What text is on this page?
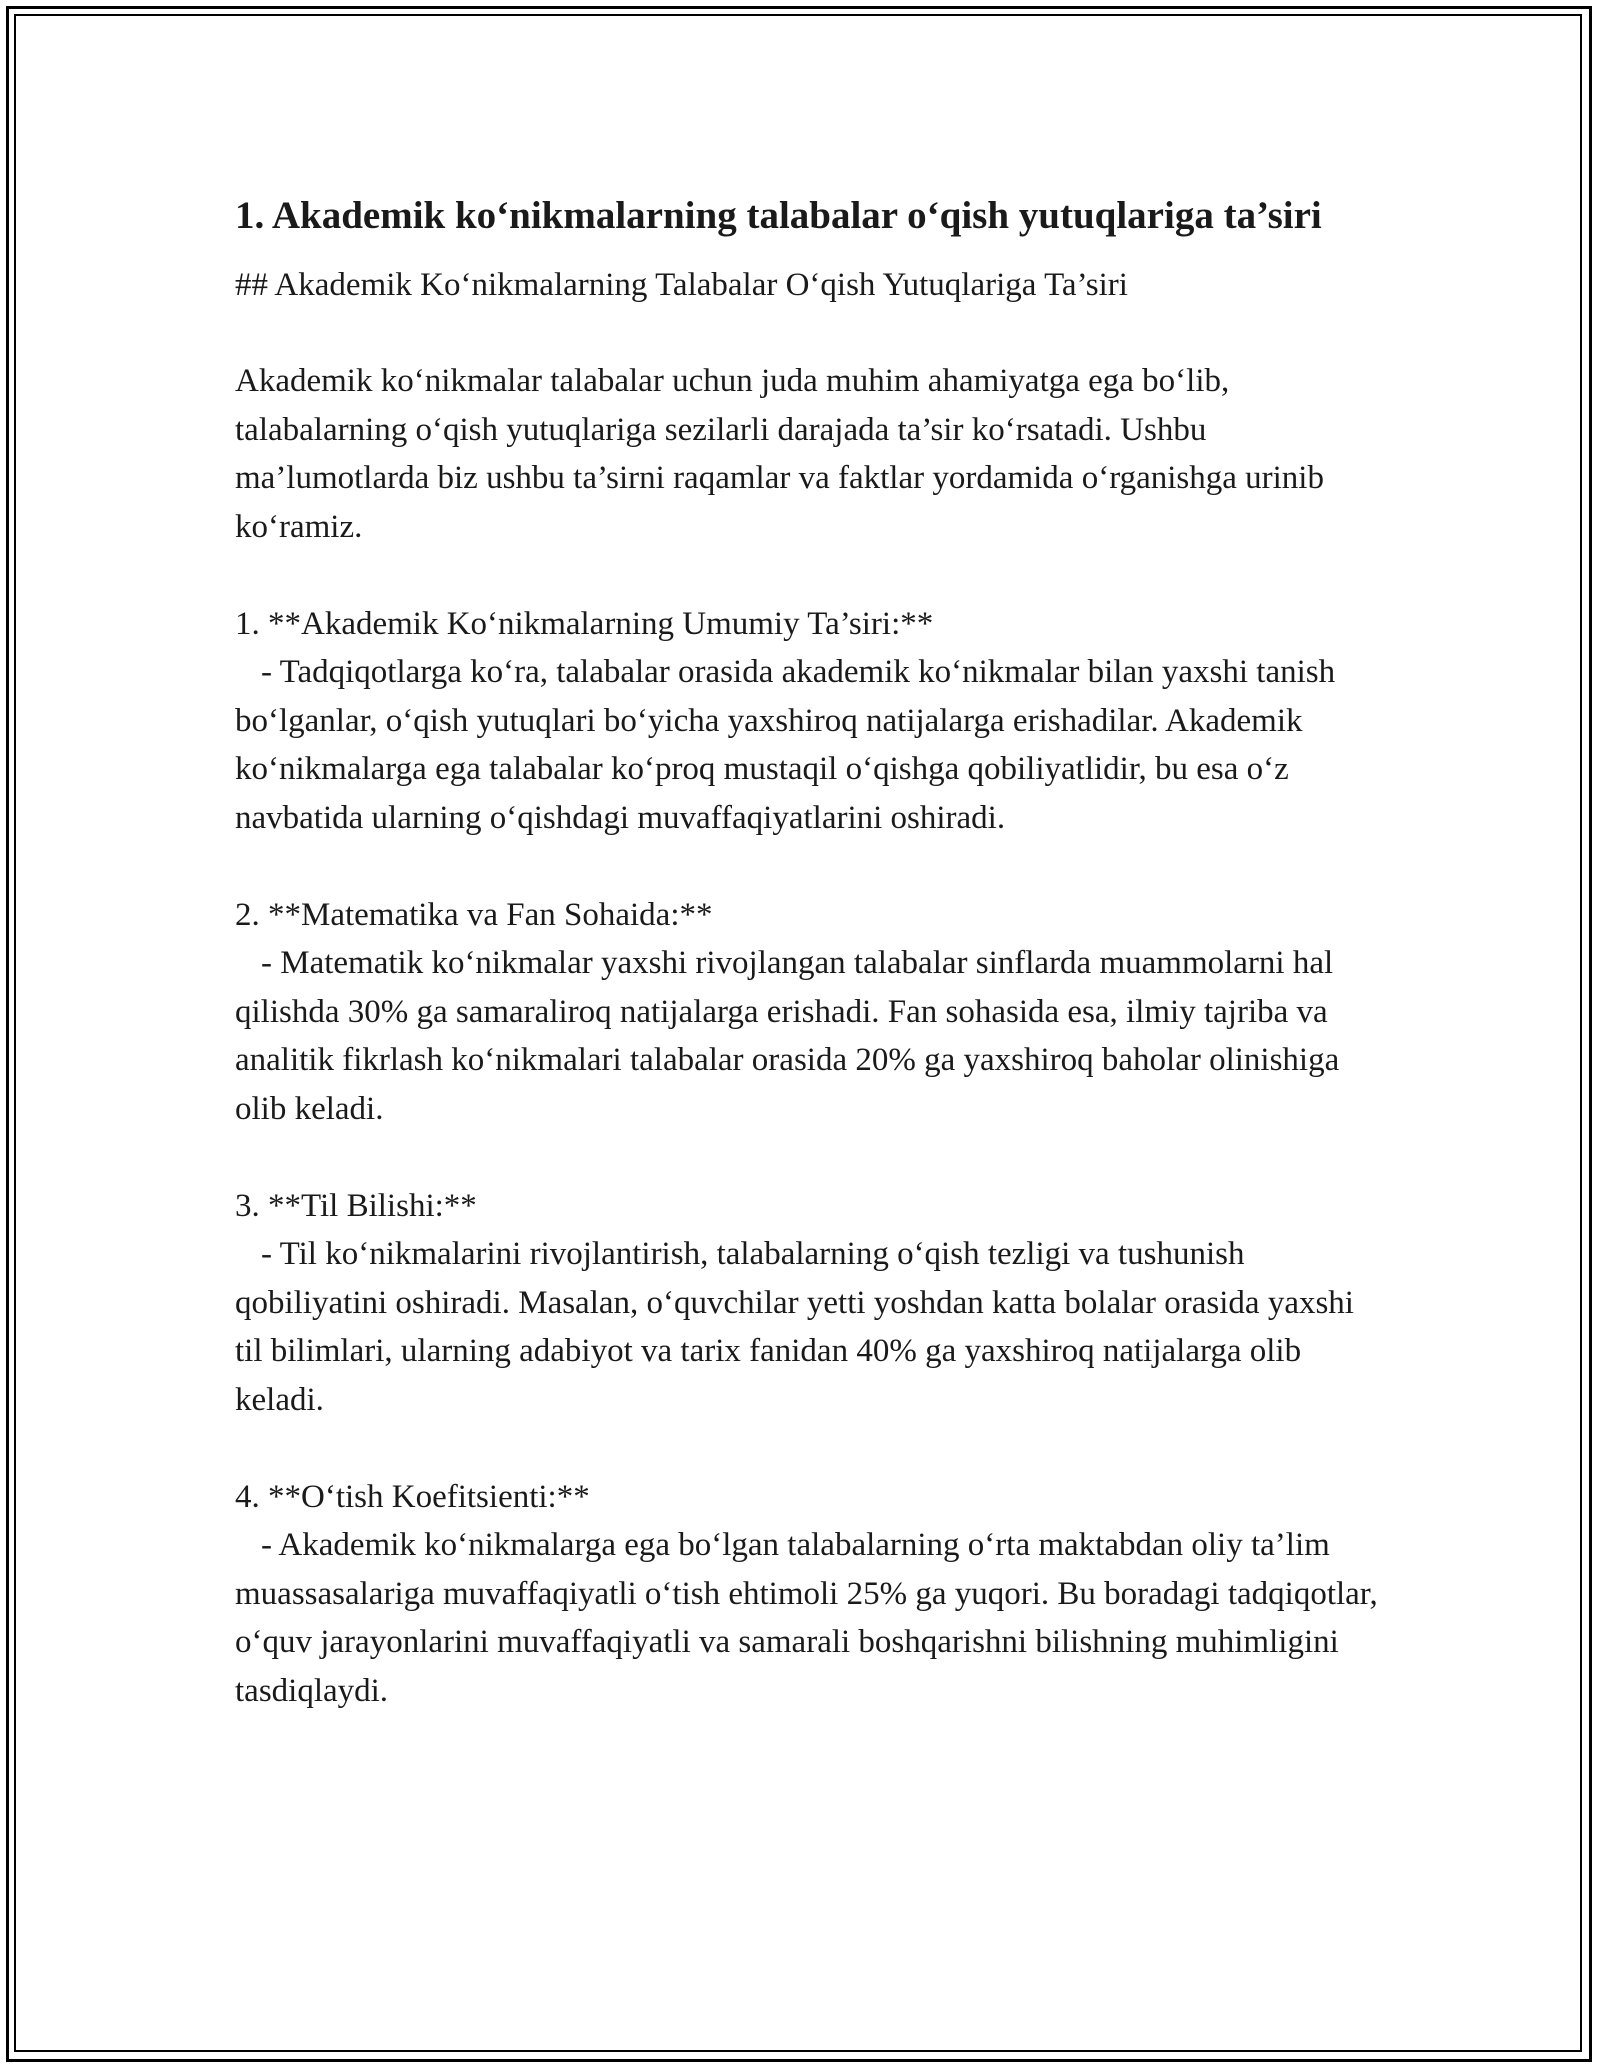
1. Akademik ko‘nikmalarning talabalar o‘qish yutuqlariga ta’siri

## Akademik Ko‘nikmalarning Talabalar O‘qish Yutuqlariga Ta’siri

Akademik ko‘nikmalar talabalar uchun juda muhim ahamiyatga ega bo‘lib, talabalarning o‘qish yutuqlariga sezilarli darajada ta’sir ko‘rsatadi. Ushbu ma’lumotlarda biz ushbu ta’sirni raqamlar va faktlar yordamida o‘rganishga urinib ko‘ramiz.

1. **Akademik Ko‘nikmalarning Umumiy Ta’siri:**
- Tadqiqotlarga ko‘ra, talabalar orasida akademik ko‘nikmalar bilan yaxshi tanish bo‘lganlar, o‘qish yutuqlari bo‘yicha yaxshiroq natijalarga erishadilar. Akademik ko‘nikmalarga ega talabalar ko‘proq mustaqil o‘qishga qobiliyatlidir, bu esa o‘z navbatida ularning o‘qishdagi muvaffaqiyatlarini oshiradi.
2. **Matematika va Fan Sohaida:**
- Matematik ko‘nikmalar yaxshi rivojlangan talabalar sinflarda muammolarni hal qilishda 30% ga samaraliroq natijalarga erishadi. Fan sohasida esa, ilmiy tajriba va analitik fikrlash ko‘nikmalari talabalar orasida 20% ga yaxshiroq baholar olinishiga olib keladi.
3. **Til Bilishi:**
- Til ko‘nikmalarini rivojlantirish, talabalarning o‘qish tezligi va tushunish qobiliyatini oshiradi. Masalan, o‘quvchilar yetti yoshdan katta bolalar orasida yaxshi til bilimlari, ularning adabiyot va tarix fanidan 40% ga yaxshiroq natijalarga olib keladi.
4. **O‘tish Koefitsienti:**
- Akademik ko‘nikmalarga ega bo‘lgan talabalarning o‘rta maktabdan oliy ta’lim muassasalariga muvaffaqiyatli o‘tish ehtimoli 25% ga yuqori. Bu boradagi tadqiqotlar, o‘quv jarayonlarini muvaffaqiyatli va samarali boshqarishni bilishning muhimligini tasdiqlaydi.
